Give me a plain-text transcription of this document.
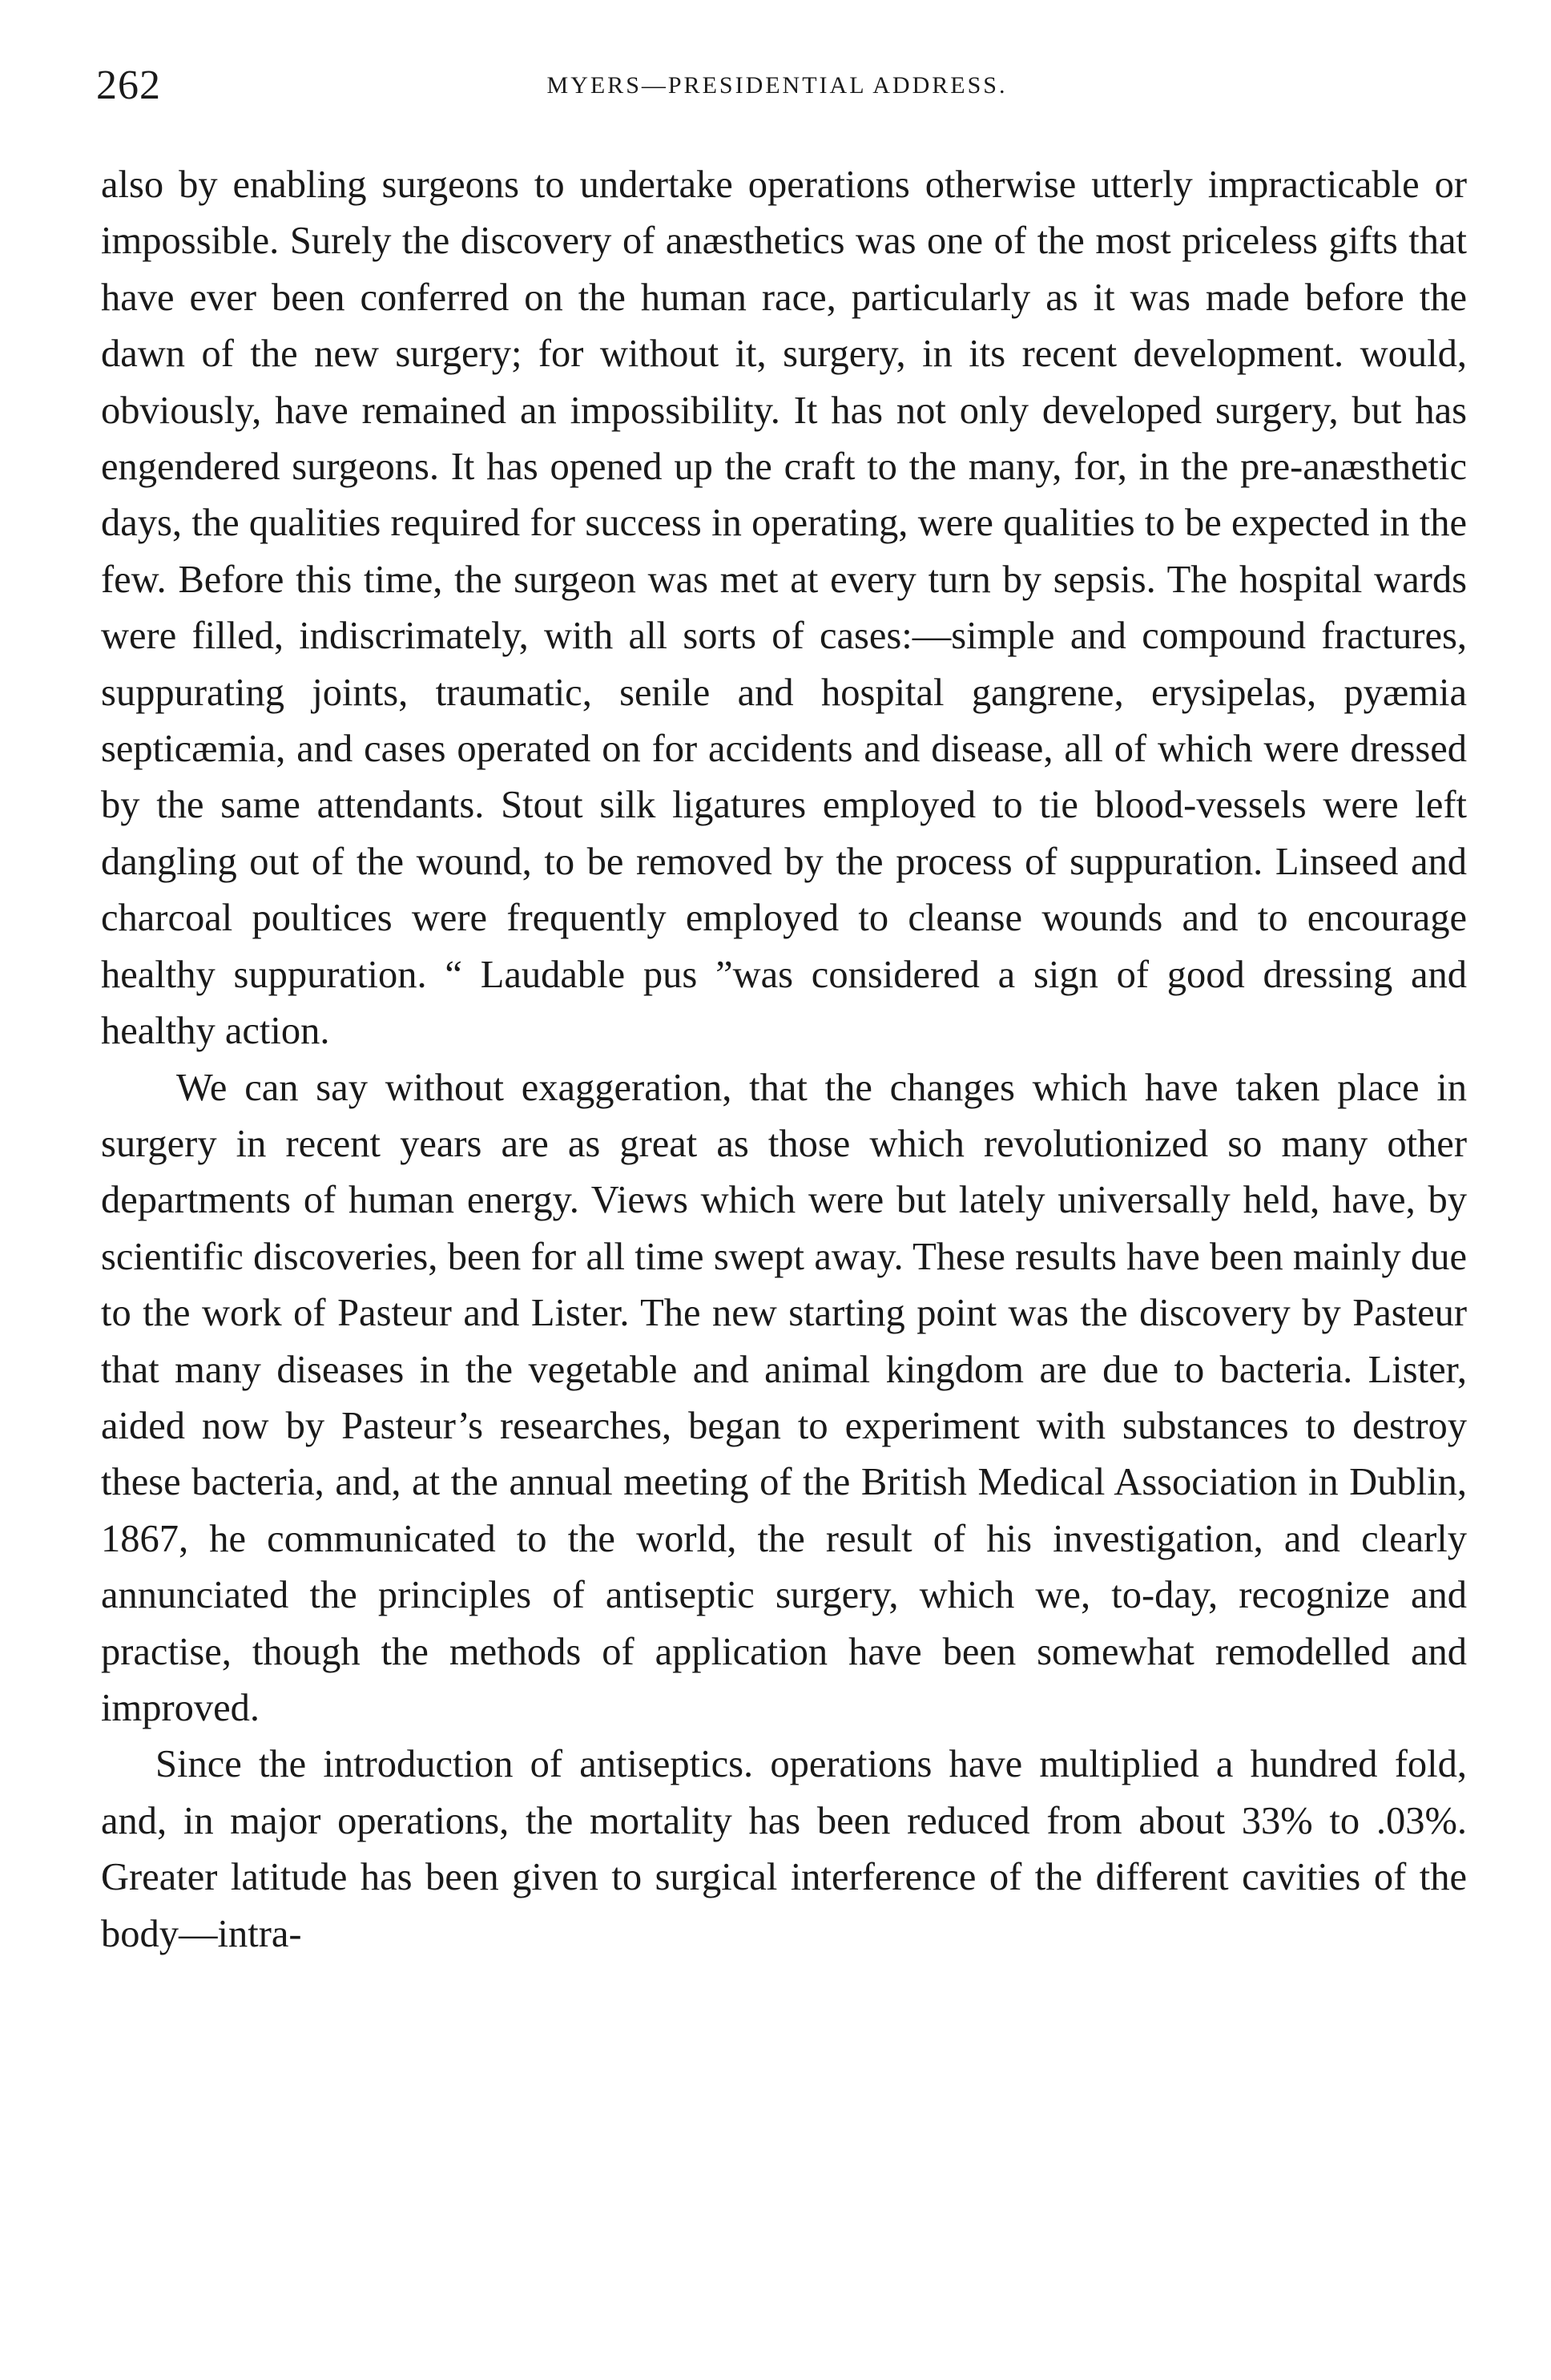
262	MYERS—PRESIDENTIAL ADDRESS.

also by enabling surgeons to undertake operations otherwise utterly impracticable or impossible. Surely the discovery of anæsthetics was one of the most priceless gifts that have ever been conferred on the human race, particularly as it was made before the dawn of the new surgery; for without it, surgery, in its recent development. would, obviously, have remained an impossibility. It has not only developed surgery, but has engendered surgeons. It has opened up the craft to the many, for, in the pre-anæsthetic days, the qualities required for success in operating, were qualities to be expected in the few. Before this time, the surgeon was met at every turn by sepsis. The hospital wards were filled, indiscrimately, with all sorts of cases:—simple and compound fractures, suppurating joints, traumatic, senile and hospital gangrene, erysipelas, pyæmia septicæmia, and cases operated on for accidents and disease, all of which were dressed by the same attendants. Stout silk ligatures employed to tie blood-vessels were left dangling out of the wound, to be removed by the process of suppuration. Linseed and charcoal poultices were frequently employed to cleanse wounds and to encourage healthy suppuration. “ Laudable pus ”was considered a sign of good dressing and healthy action.

We can say without exaggeration, that the changes which have taken place in surgery in recent years are as great as those which revolutionized so many other departments of human energy. Views which were but lately universally held, have, by scientific discoveries, been for all time swept away. These results have been mainly due to the work of Pasteur and Lister. The new starting point was the discovery by Pasteur that many diseases in the vegetable and animal kingdom are due to bacteria. Lister, aided now by Pasteur’s researches, began to experiment with substances to destroy these bacteria, and, at the annual meeting of the British Medical Association in Dublin, 1867, he communicated to the world, the result of his investigation, and clearly annunciated the principles of antiseptic surgery, which we, to-day, recognize and practise, though the methods of application have been somewhat remodelled and improved.

Since the introduction of antiseptics. operations have multiplied a hundred fold, and, in major operations, the mortality has been reduced from about 33% to .03%. Greater latitude has been given to surgical interference of the different cavities of the body—intra-
